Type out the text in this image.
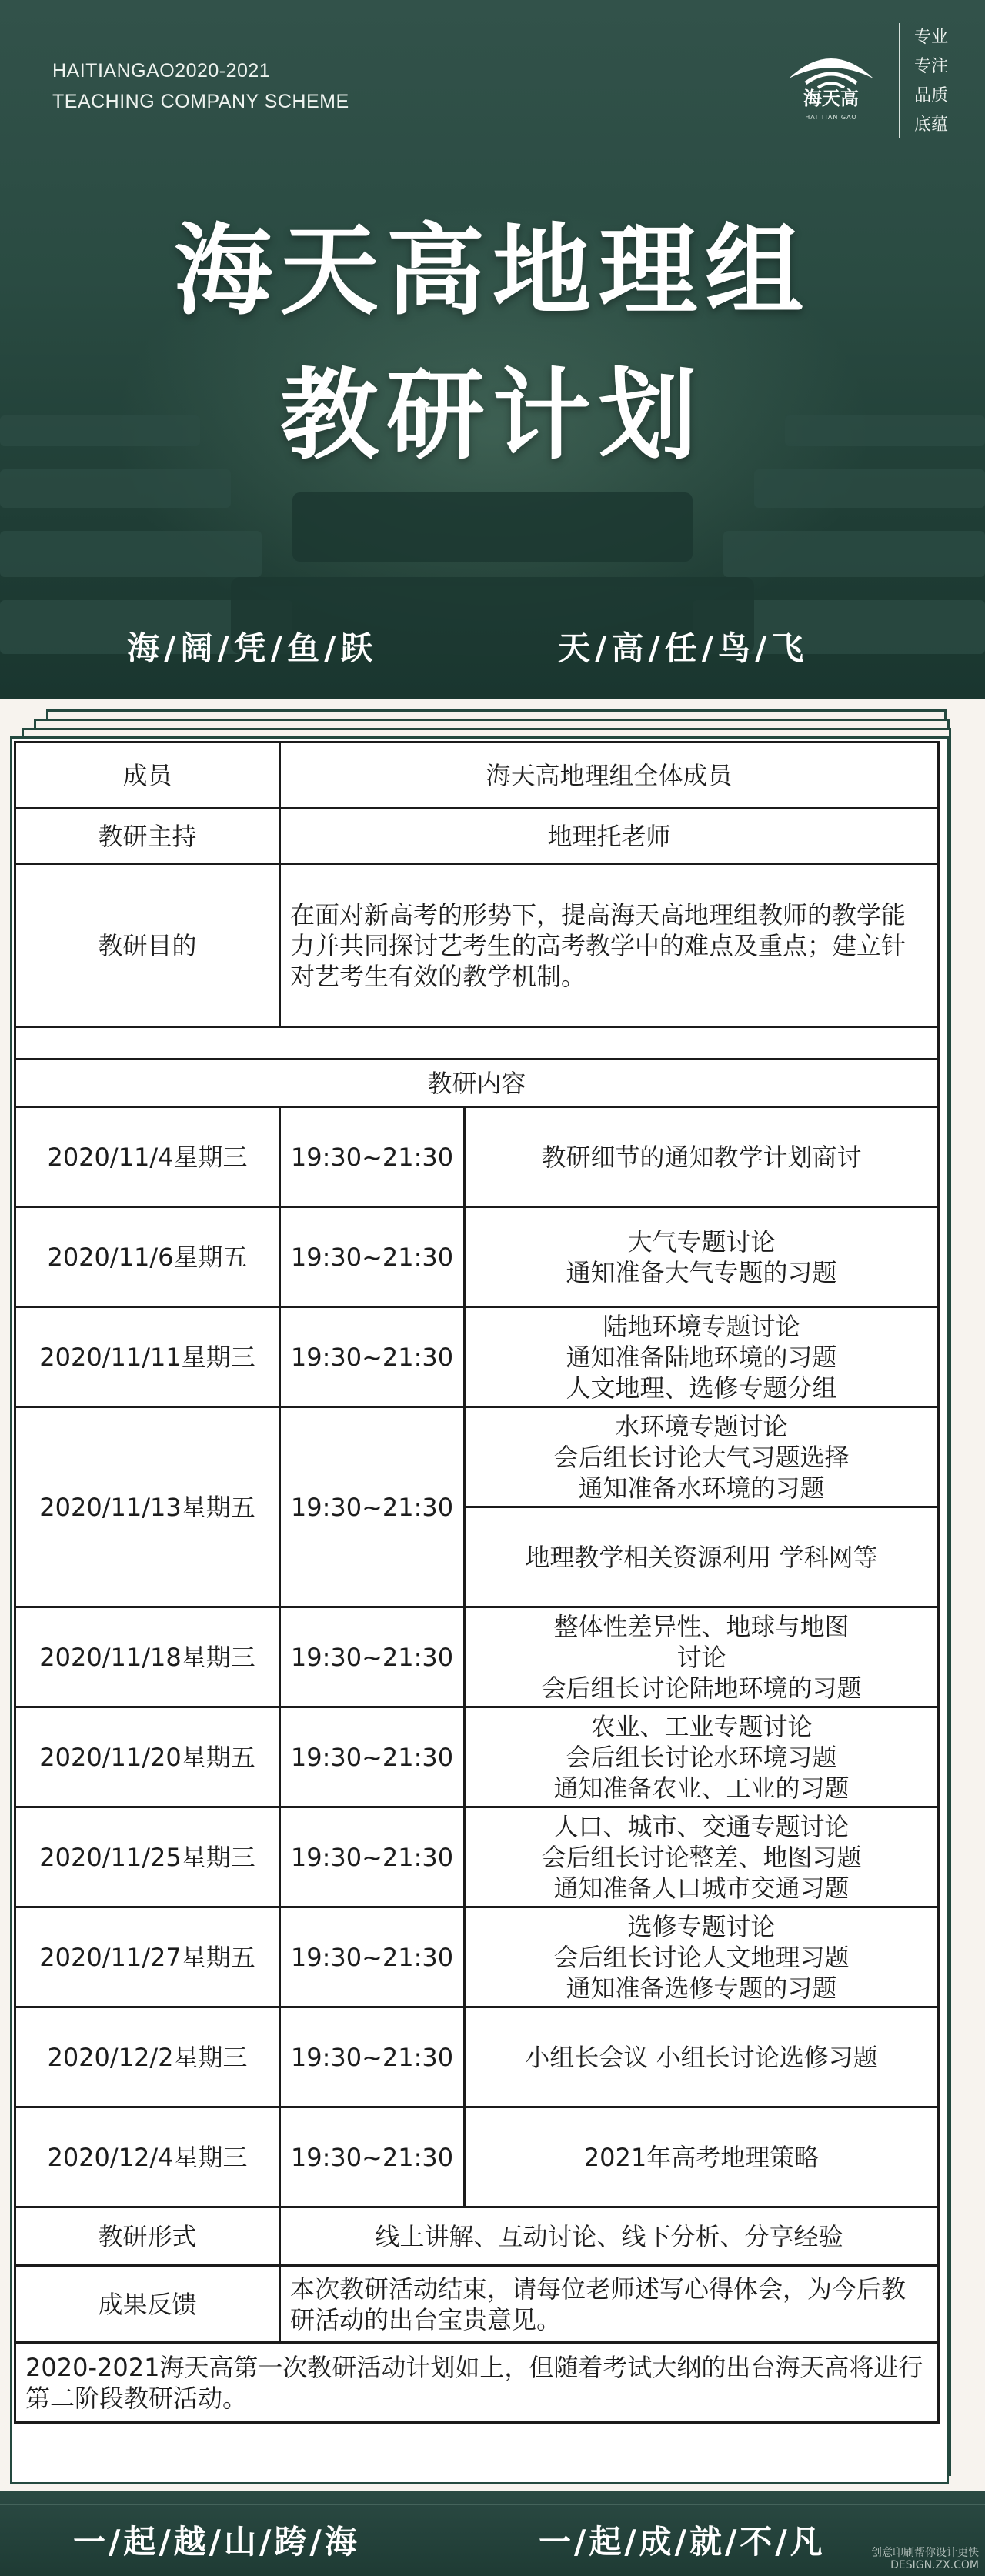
HAITIANGAO2020-2021
TEACHING COMPANY SCHEME	海天高
HAI TIAN GAO
专业
专注
品质
底蕴
海天高地理组
教研计划
海/阔/凭/鱼/跃	天/高/任/鸟/飞
成员	海天高地理组全体成员	
教研主持	地理托老师	
教研目的	在面对新高考的形势下，提高海天高地理组教师的教学能力并共同探讨艺考生的高考教学中的难点及重点；建立针对艺考生有效的教学机制。	

教研内容		
2020/11/4星期三	19:30~21:30	教研细节的通知教学计划商讨

2020/11/6星期五	19:30~21:30	大气专题讨论
通知准备大气专题的习题

2020/11/11星期三	19:30~21:30	陆地环境专题讨论
通知准备陆地环境的习题
人文地理、选修专题分组

2020/11/13星期五	19:30~21:30	水环境专题讨论
会后组长讨论大气习题选择
通知准备水环境的习题

		地理教学相关资源利用 学科网等
2020/11/18星期三	19:30~21:30	整体性差异性、地球与地图
讨论
会后组长讨论陆地环境的习题

2020/11/20星期五	19:30~21:30	农业、工业专题讨论
会后组长讨论水环境习题
通知准备农业、工业的习题

2020/11/25星期三	19:30~21:30	人口、城市、交通专题讨论
会后组长讨论整差、地图习题
通知准备人口城市交通习题

2020/11/27星期五	19:30~21:30	选修专题讨论
会后组长讨论人文地理习题
通知准备选修专题的习题

2020/12/2星期三	19:30~21:30	小组长会议 小组长讨论选修习题

2020/12/4星期三	19:30~21:30	2021年高考地理策略

教研形式	线上讲解、互动讨论、线下分析、分享经验	
成果反馈	本次教研活动结束，请每位老师述写心得体会，为今后教研活动的出台宝贵意见。	
2020-2021海天高第一次教研活动计划如上，但随着考试大纲的出台海天高将进行第二阶段教研活动。		
一/起/越/山/跨/海	一/起/成/就/不/凡	创意印刷帮你设计更快
DESIGN.ZX.COM
